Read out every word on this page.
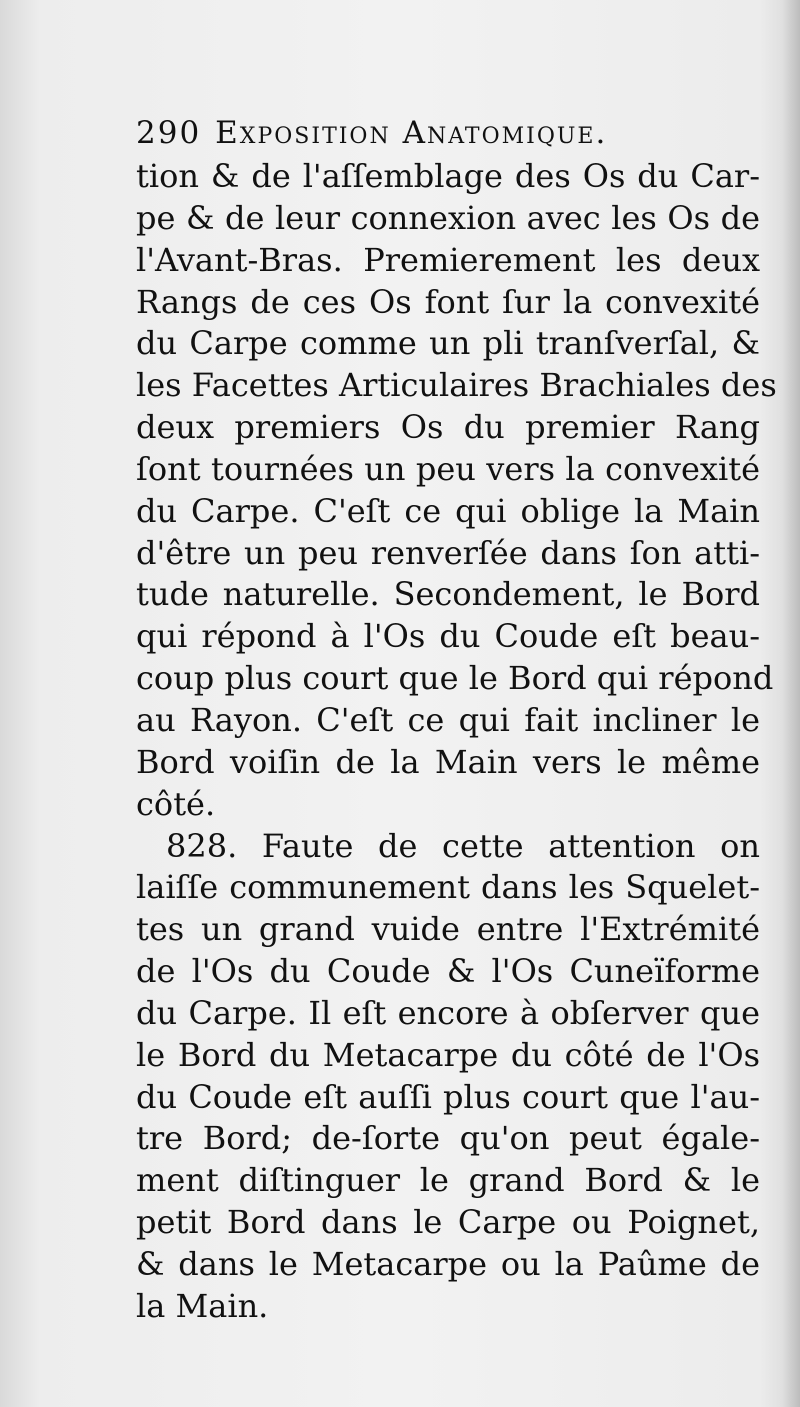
290 Exposition Anatomique.
tion & de l'aſſemblage des Os du Car-
pe & de leur connexion avec les Os de
l'Avant-Bras. Premierement les deux
Rangs de ces Os font ſur la convexité
du Carpe comme un pli tranſverſal, &
les Facettes Articulaires Brachiales des
deux premiers Os du premier Rang
ſont tournées un peu vers la convexité
du Carpe. C'eſt ce qui oblige la Main
d'être un peu renverſée dans ſon atti-
tude naturelle. Secondement, le Bord
qui répond à l'Os du Coude eſt beau-
coup plus court que le Bord qui répond
au Rayon. C'eſt ce qui fait incliner le
Bord voiſin de la Main vers le même
côté.
828. Faute de cette attention on
laiſſe communement dans les Squelet-
tes un grand vuide entre l'Extrémité
de l'Os du Coude & l'Os Cuneïforme
du Carpe. Il eſt encore à obſerver que
le Bord du Metacarpe du côté de l'Os
du Coude eſt auſſi plus court que l'au-
tre Bord; de-ſorte qu'on peut égale-
ment diſtinguer le grand Bord & le
petit Bord dans le Carpe ou Poignet,
& dans le Metacarpe ou la Paûme de
la Main.
